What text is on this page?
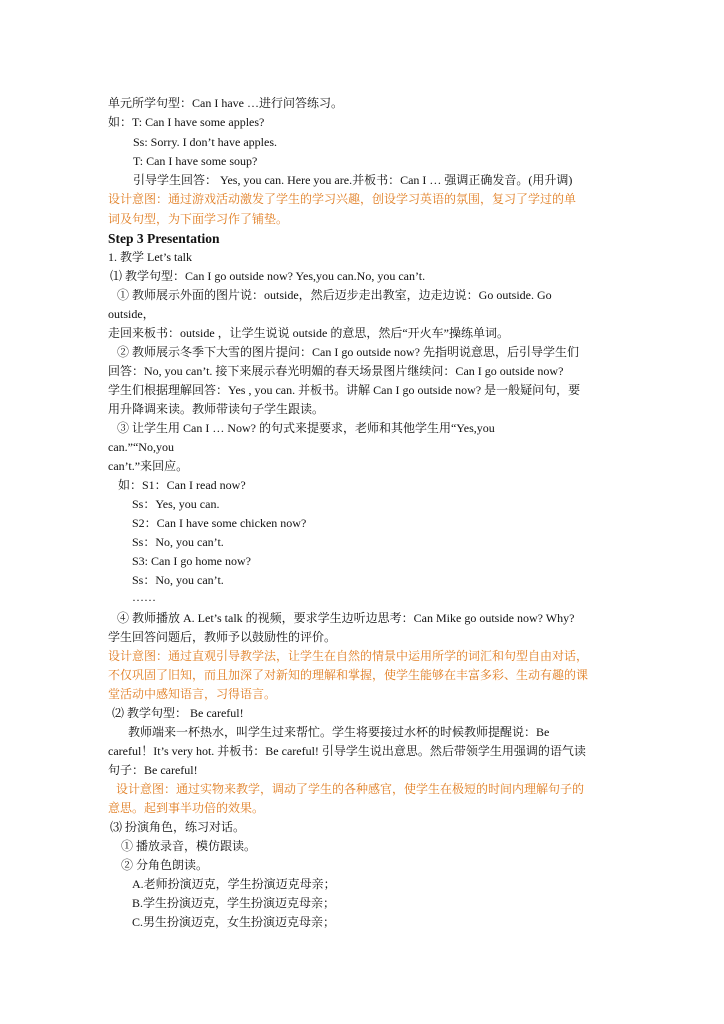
单元所学句型：Can I have …进行问答练习。
如：T: Can I have some apples?
Ss: Sorry. I don’t have apples.
T: Can I have some soup?
引导学生回答： Yes, you can. Here you are.并板书：Can I … 强调正确发音。(用升调)
设计意图：通过游戏活动激发了学生的学习兴趣，创设学习英语的氛围，复习了学过的单
词及句型，为下面学习作了铺垫。
Step 3 Presentation
1. 教学 Let’s talk
⑴ 教学句型：Can I go outside now? Yes,you can.No, you can’t.
① 教师展示外面的图片说：outside，然后迈步走出教室，边走边说：Go outside. Go
outside，
走回来板书：outside ，让学生说说 outside 的意思，然后“开火车”操练单词。
② 教师展示冬季下大雪的图片提问：Can I go outside now? 先指明说意思，后引导学生们
回答：No, you can’t. 接下来展示春光明媚的春天场景图片继续问：Can I go outside now?
学生们根据理解回答：Yes , you can. 并板书。讲解 Can I go outside now? 是一般疑问句，要
用升降调来读。教师带读句子学生跟读。
③ 让学生用 Can I … Now? 的句式来提要求，老师和其他学生用“Yes,you
can.”“No,you
can’t.”来回应。
如：S1：Can I read now?
Ss：Yes, you can.
S2：Can I have some chicken now?
Ss：No, you can’t.
S3: Can I go home now?
Ss：No, you can’t.
……
④ 教师播放 A. Let’s talk 的视频，要求学生边听边思考：Can Mike go outside now? Why?
学生回答问题后，教师予以鼓励性的评价。
设计意图：通过直观引导教学法，让学生在自然的情景中运用所学的词汇和句型自由对话，
不仅巩固了旧知，而且加深了对新知的理解和掌握，使学生能够在丰富多彩、生动有趣的课
堂活动中感知语言，习得语言。
⑵ 教学句型： Be careful!
教师端来一杯热水，叫学生过来帮忙。学生将要接过水杯的时候教师提醒说：Be
careful！It’s very hot. 并板书：Be careful! 引导学生说出意思。然后带领学生用强调的语气读
句子：Be careful!
设计意图：通过实物来教学，调动了学生的各种感官，使学生在极短的时间内理解句子的
意思。起到事半功倍的效果。
⑶ 扮演角色，练习对话。
① 播放录音，模仿跟读。
② 分角色朗读。
A.老师扮演迈克，学生扮演迈克母亲；
B.学生扮演迈克，学生扮演迈克母亲；
C.男生扮演迈克，女生扮演迈克母亲；
